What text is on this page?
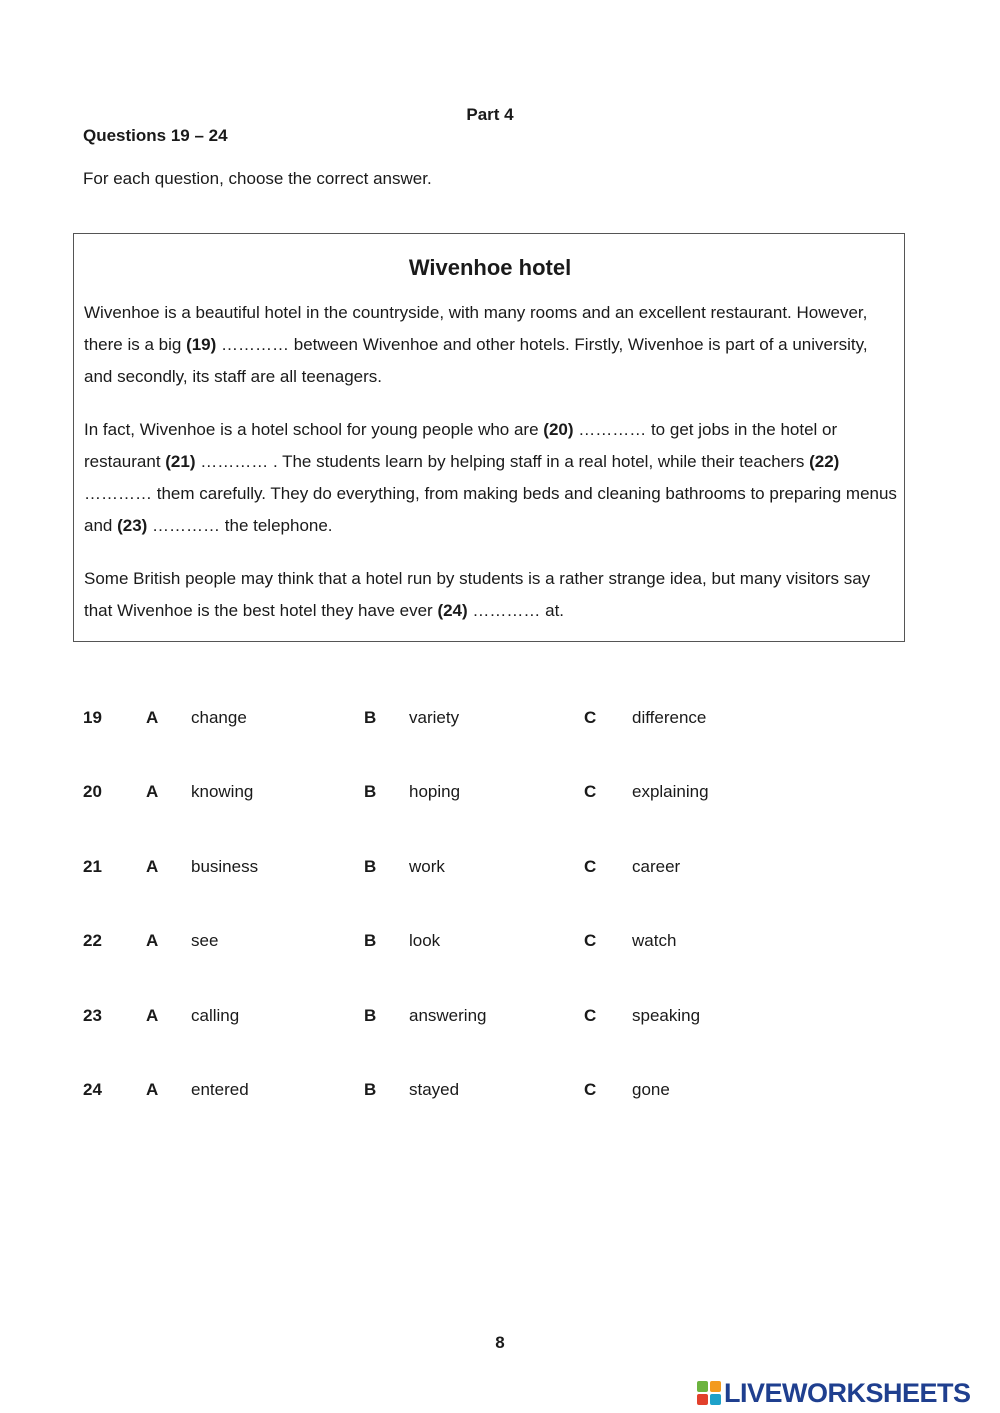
Part 4
Questions 19 – 24
For each question, choose the correct answer.
Wivenhoe hotel
Wivenhoe is a beautiful hotel in the countryside, with many rooms and an excellent restaurant. However, there is a big (19) ………… between Wivenhoe and other hotels. Firstly, Wivenhoe is part of a university, and secondly, its staff are all teenagers.
In fact, Wivenhoe is a hotel school for young people who are (20) ………… to get jobs in the hotel or restaurant (21) ………… . The students learn by helping staff in a real hotel, while their teachers (22) ………… them carefully. They do everything, from making beds and cleaning bathrooms to preparing menus and (23) ………… the telephone.
Some British people may think that a hotel run by students is a rather strange idea, but many visitors say that Wivenhoe is the best hotel they have ever (24) ………… at.
19	A change	B variety	C difference
20	A knowing	B hoping	C explaining
21	A business	B work	C career
22	A see	B look	C watch
23	A calling	B answering	C speaking
24	A entered	B stayed	C gone
8
LIVEWORKSHEETS
